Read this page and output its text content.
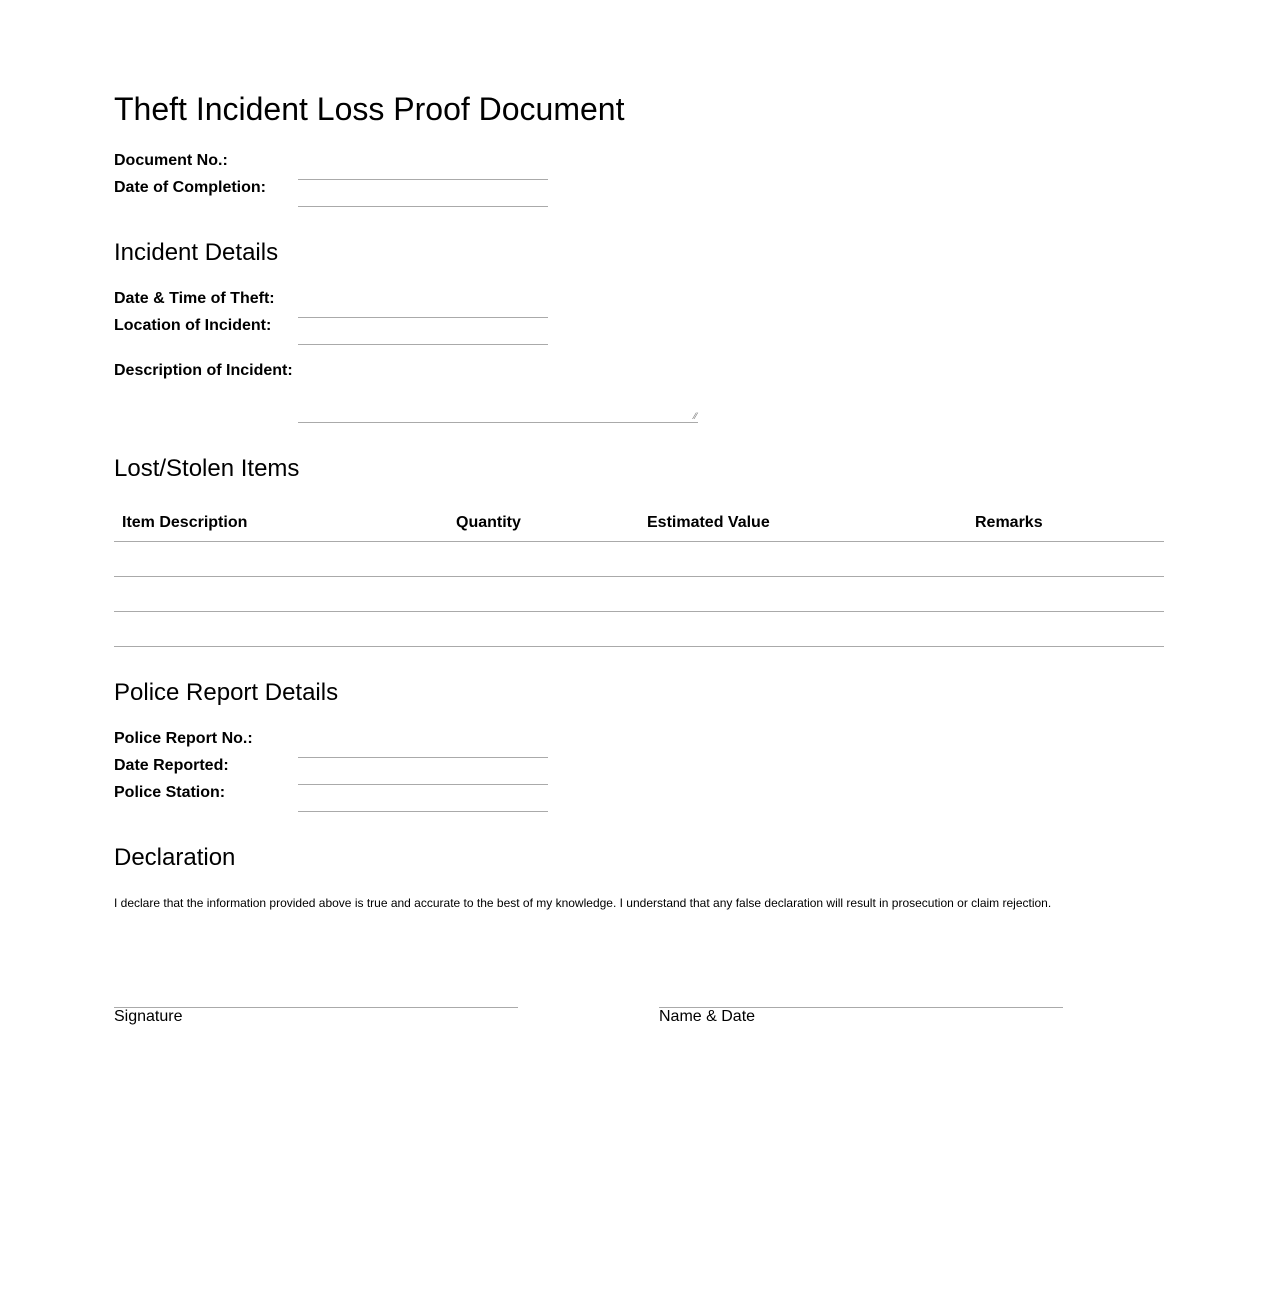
Theft Incident Loss Proof Document
Document No.:
Date of Completion:
Incident Details
Date & Time of Theft:
Location of Incident:
Description of Incident:
⁄⁄
Lost/Stolen Items
Item Description	Quantity	Estimated Value	Remarks
Police Report Details
Police Report No.:
Date Reported:
Police Station:
Declaration
I declare that the information provided above is true and accurate to the best of my knowledge. I understand that any false declaration will result in prosecution or claim rejection.
Signature	Name & Date
